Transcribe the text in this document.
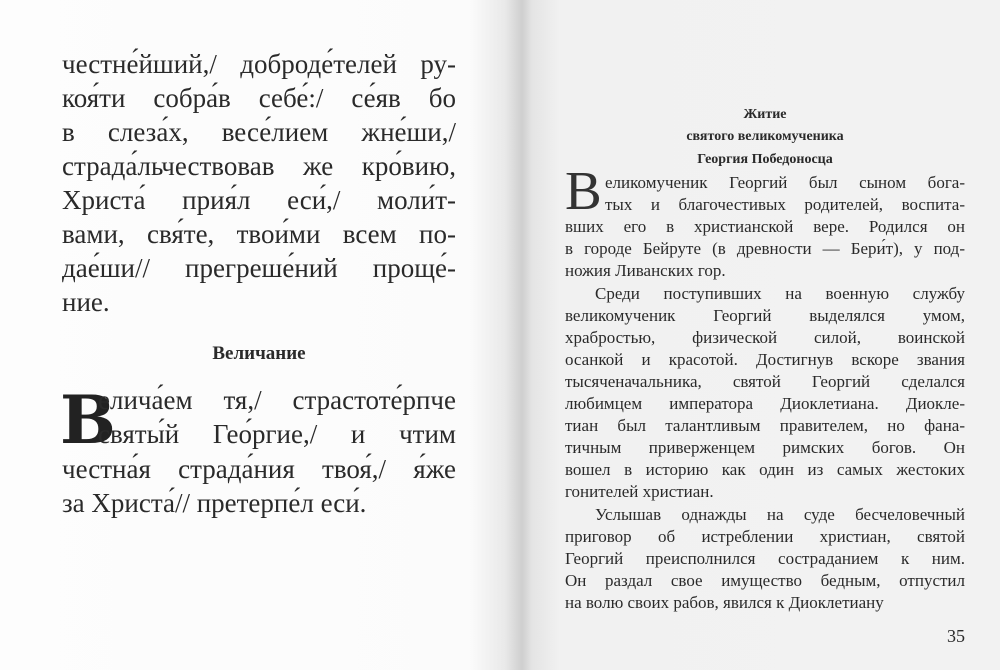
честне́йший,/ доброде́телей ру-
коя́ти собра́в себе́:/ се́яв бо
в слеза́х, весе́лием жне́ши,/
страда́льчествовав же кро́вию,
Христа́ прия́л еси́,/ моли́т-
вами, свя́те, твои́ми всем по-
дае́ши// прегреше́ний проще́-
ние.
Величание
В
елича́ем тя,/ страстоте́рпче
святы́й Гео́ргие,/ и чтим
честна́я страда́ния твоя́,/ я́же
за Христа́// претерпе́л еси́.
Житие
святого великомученика
Георгия Победоносца
В еликомученик Георгий был сыном бога-
тых и благочестивых родителей, воспита-
вших его в христианской вере. Родился он
в городе Бейруте (в древности — Бери́т), у под-
ножия Ливанских гор.
Среди поступивших на военную службу
великомученик Георгий выделялся умом,
храбростью, физической силой, воинской
осанкой и красотой. Достигнув вскоре звания
тысяченачальника, святой Георгий сделался
любимцем императора Диоклетиана. Диокле-
тиан был талантливым правителем, но фана-
тичным приверженцем римских богов. Он
вошел в историю как один из самых жестоких
гонителей христиан.
Услышав однажды на суде бесчеловечный
приговор об истреблении христиан, святой
Георгий преисполнился состраданием к ним.
Он раздал свое имущество бедным, отпустил
на волю своих рабов, явился к Диоклетиану
35
